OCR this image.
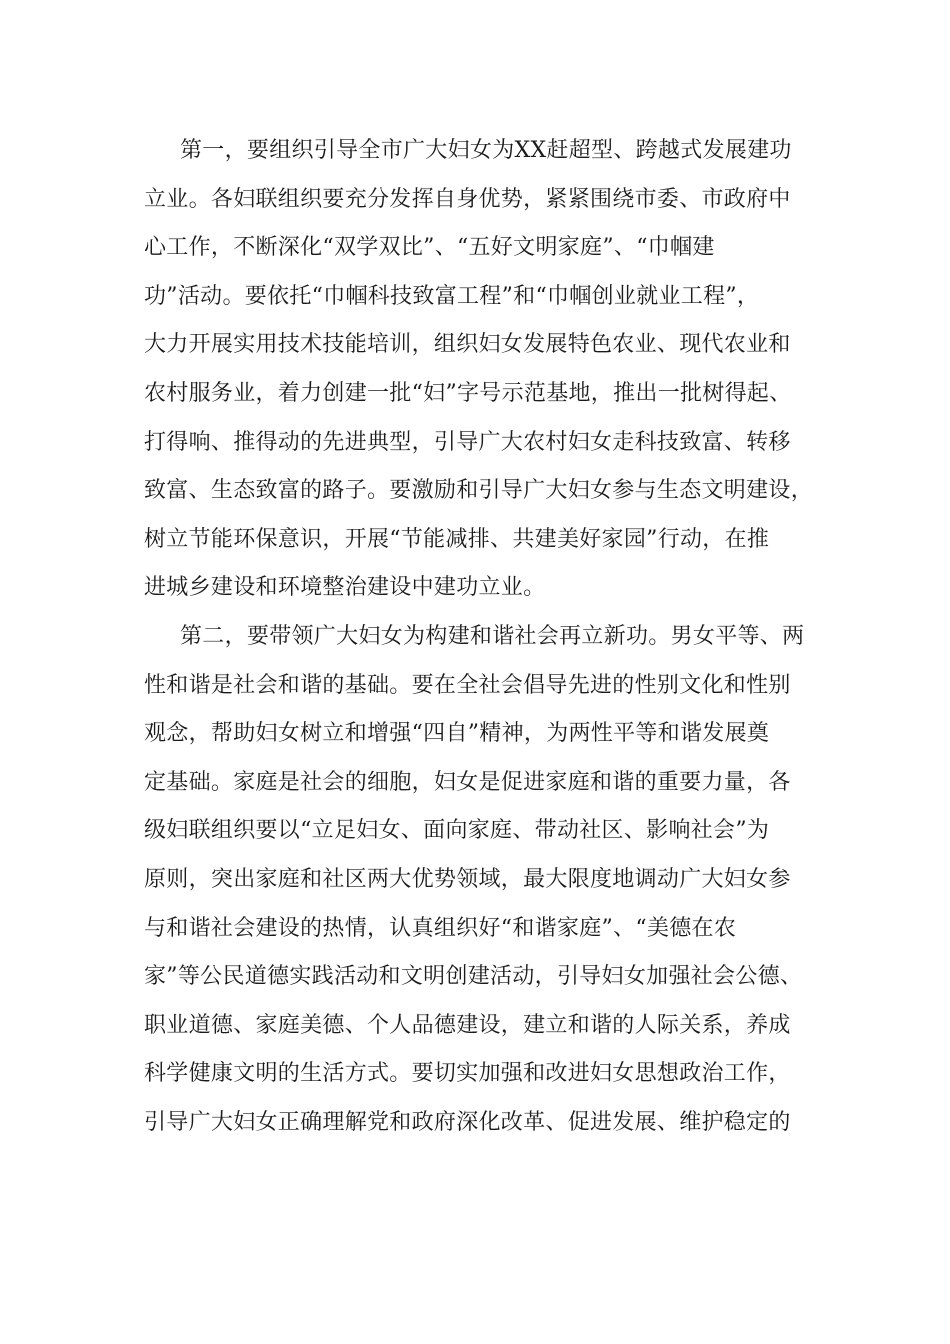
第一，要组织引导全市广大妇女为XX赶超型、跨越式发展建功
立业。各妇联组织要充分发挥自身优势，紧紧围绕市委、市政府中
心工作，不断深化“双学双比”、“五好文明家庭”、“巾帼建
功”活动。要依托“巾帼科技致富工程”和“巾帼创业就业工程”，
大力开展实用技术技能培训，组织妇女发展特色农业、现代农业和
农村服务业，着力创建一批“妇”字号示范基地，推出一批树得起、
打得响、推得动的先进典型，引导广大农村妇女走科技致富、转移
致富、生态致富的路子。要激励和引导广大妇女参与生态文明建设，
树立节能环保意识，开展“节能减排、共建美好家园”行动，在推
进城乡建设和环境整治建设中建功立业。
第二，要带领广大妇女为构建和谐社会再立新功。男女平等、两
性和谐是社会和谐的基础。要在全社会倡导先进的性别文化和性别
观念，帮助妇女树立和增强“四自”精神，为两性平等和谐发展奠
定基础。家庭是社会的细胞，妇女是促进家庭和谐的重要力量，各
级妇联组织要以“立足妇女、面向家庭、带动社区、影响社会”为
原则，突出家庭和社区两大优势领域，最大限度地调动广大妇女参
与和谐社会建设的热情，认真组织好“和谐家庭”、“美德在农
家”等公民道德实践活动和文明创建活动，引导妇女加强社会公德、
职业道德、家庭美德、个人品德建设，建立和谐的人际关系，养成
科学健康文明的生活方式。要切实加强和改进妇女思想政治工作，
引导广大妇女正确理解党和政府深化改革、促进发展、维护稳定的
